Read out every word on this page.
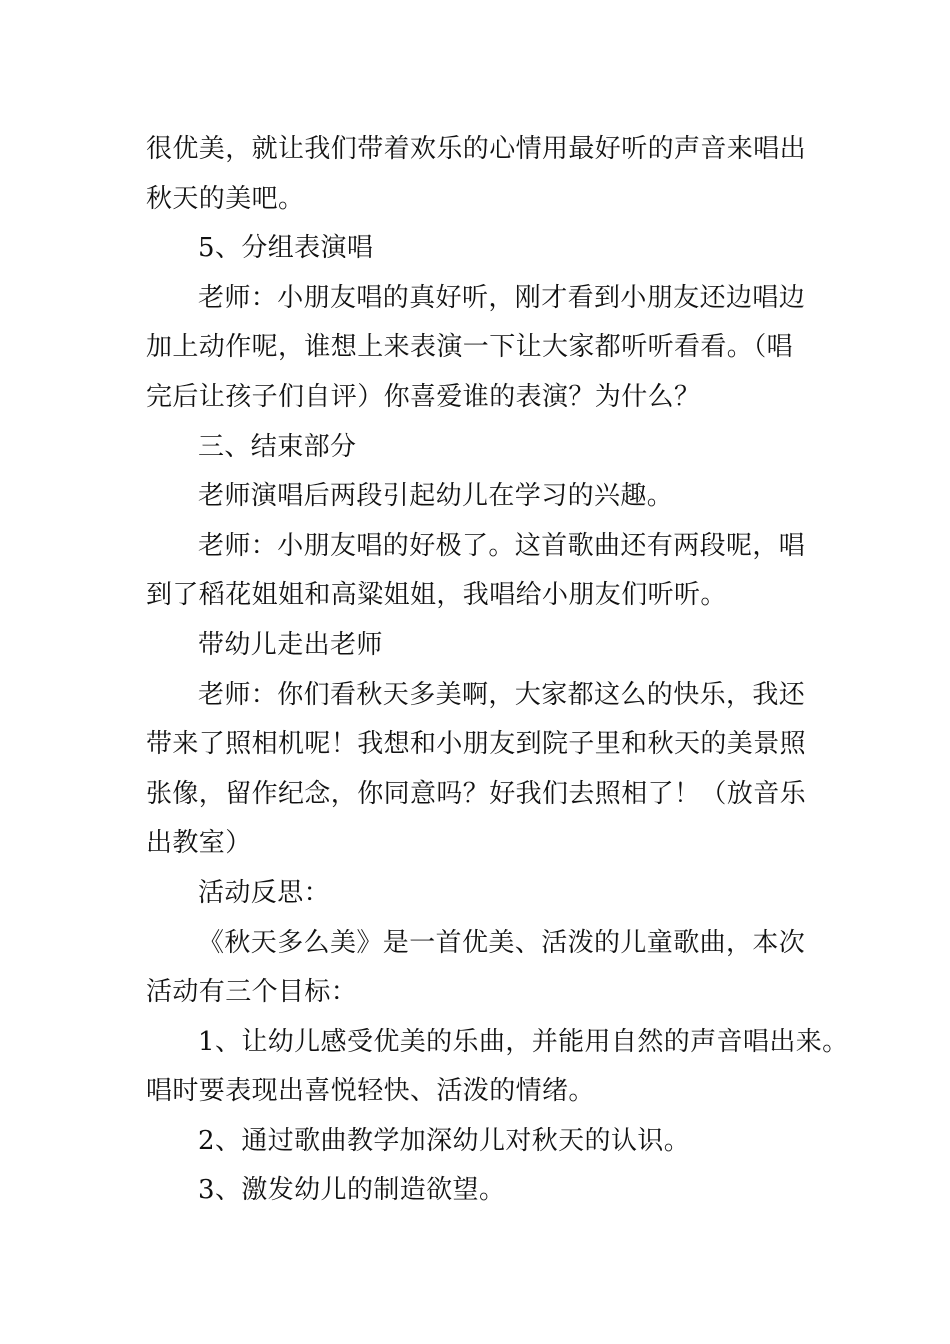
很优美，就让我们带着欢乐的心情用最好听的声音来唱出
秋天的美吧。
5、分组表演唱
老师：小朋友唱的真好听，刚才看到小朋友还边唱边
加上动作呢，谁想上来表演一下让大家都听听看看。（唱
完后让孩子们自评）你喜爱谁的表演？为什么？
三、结束部分
老师演唱后两段引起幼儿在学习的兴趣。
老师：小朋友唱的好极了。这首歌曲还有两段呢，唱
到了稻花姐姐和高粱姐姐，我唱给小朋友们听听。
带幼儿走出老师
老师：你们看秋天多美啊，大家都这么的快乐，我还
带来了照相机呢！我想和小朋友到院子里和秋天的美景照
张像，留作纪念，你同意吗？好我们去照相了！（放音乐
出教室）
活动反思：
《秋天多么美》是一首优美、活泼的儿童歌曲，本次
活动有三个目标：
1、让幼儿感受优美的乐曲，并能用自然的声音唱出来。
唱时要表现出喜悦轻快、活泼的情绪。
2、通过歌曲教学加深幼儿对秋天的认识。
3、激发幼儿的制造欲望。
